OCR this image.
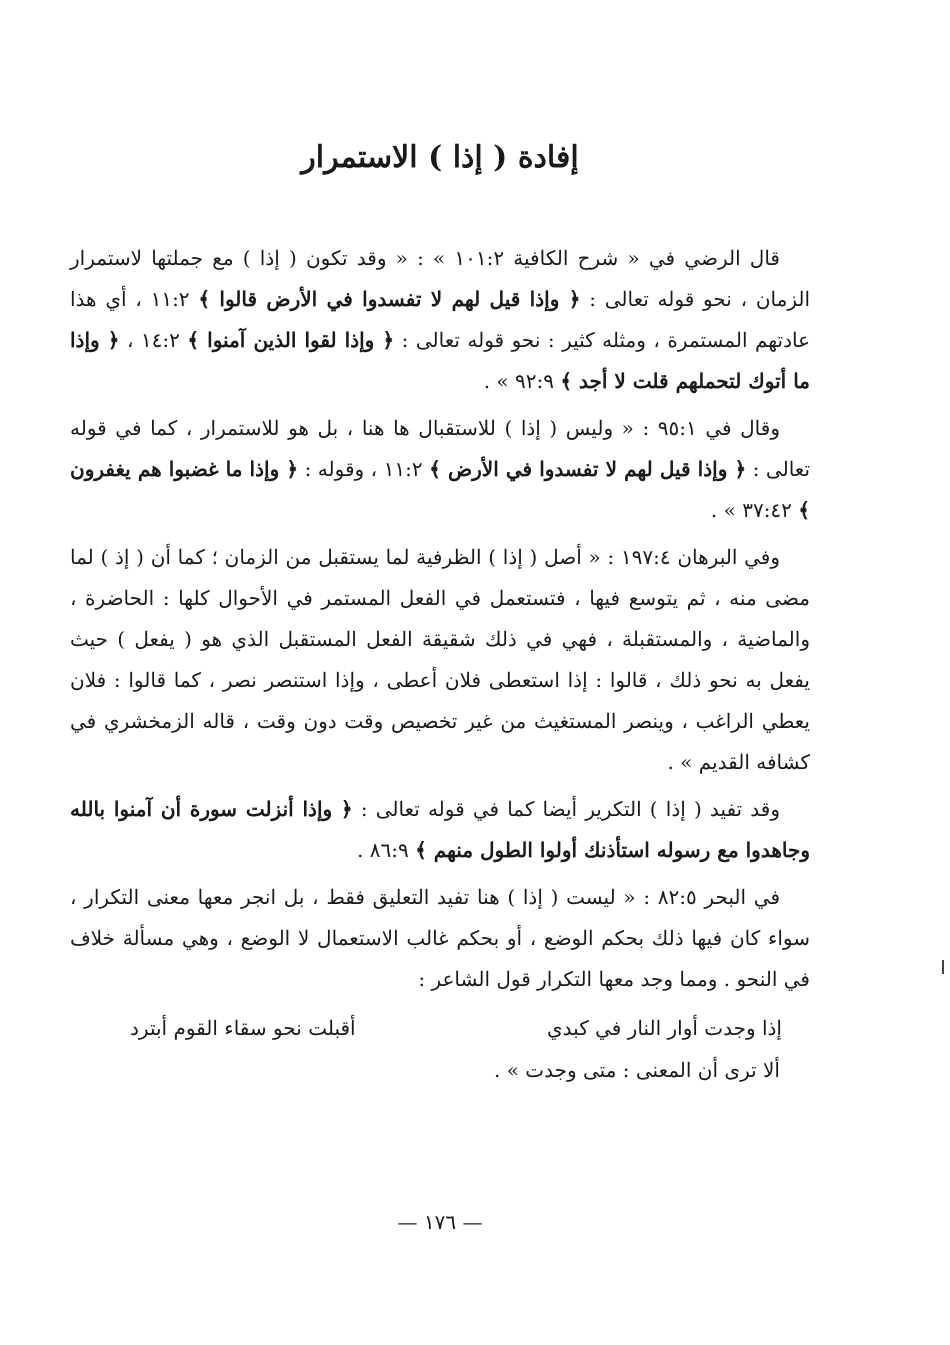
إفادة ( إذا ) الاستمرار

قال الرضي في « شرح الكافية ١٠١:٢ » : « وقد تكون ( إذا ) مع جملتها لاستمرار الزمان ، نحو قوله تعالى : ﴿ وإذا قيل لهم لا تفسدوا في الأرض قالوا ﴾ ١١:٢ ، أي هذا عادتهم المستمرة ، ومثله كثير : نحو قوله تعالى : ﴿ وإذا لقوا الذين آمنوا ﴾ ١٤:٢ ، ﴿ وإذا ما أتوك لتحملهم قلت لا أجد ﴾ ٩٢:٩ » .

وقال في ٩٥:١ : « وليس ( إذا ) للاستقبال ها هنا ، بل هو للاستمرار ، كما في قوله تعالى : ﴿ وإذا قيل لهم لا تفسدوا في الأرض ﴾ ١١:٢ ، وقوله : ﴿ وإذا ما غضبوا هم يغفرون ﴾ ٣٧:٤٢ » .

وفي البرهان ١٩٧:٤ : « أصل ( إذا ) الظرفية لما يستقبل من الزمان ؛ كما أن ( إذ ) لما مضى منه ، ثم يتوسع فيها ، فتستعمل في الفعل المستمر في الأحوال كلها : الحاضرة ، والماضية ، والمستقبلة ، فهي في ذلك شقيقة الفعل المستقبل الذي هو ( يفعل ) حيث يفعل به نحو ذلك ، قالوا : إذا استعطى فلان أعطى ، وإذا استنصر نصر ، كما قالوا : فلان يعطي الراغب ، وينصر المستغيث من غير تخصيص وقت دون وقت ، قاله الزمخشري في كشافه القديم » .

وقد تفيد ( إذا ) التكرير أيضا كما في قوله تعالى : ﴿ وإذا أنزلت سورة أن آمنوا بالله وجاهدوا مع رسوله استأذنك أولوا الطول منهم ﴾ ٨٦:٩ .

في البحر ٨٢:٥ : « ليست ( إذا ) هنا تفيد التعليق فقط ، بل انجر معها معنى التكرار ، سواء كان فيها ذلك بحكم الوضع ، أو بحكم غالب الاستعمال لا الوضع ، وهي مسألة خلاف في النحو . ومما وجد معها التكرار قول الشاعر :

إذا وجدت أوار النار في كبدي
أقبلت نحو سقاء القوم أبترد

ألا ترى أن المعنى : متى وجدت » .

— ١٧٦ —
